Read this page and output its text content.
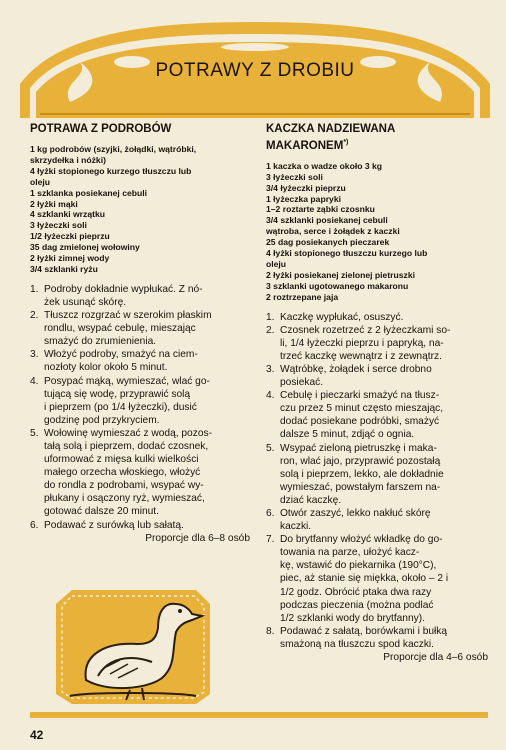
POTRAWY Z DROBIU
POTRAWA Z PODROBÓW
1 kg podrobów (szyjki, żołądki, wątróbki,
skrzydełka i nóżki)
4 łyżki stopionego kurzego tłuszczu lub
oleju
1 szklanka posiekanej cebuli
2 łyżki mąki
4 szklanki wrzątku
3 łyżeczki soli
1/2 łyżeczki pieprzu
35 dag zmielonej wołowiny
2 łyżki zimnej wody
3/4 szklanki ryżu
1. Podroby dokładnie wypłukać. Z nó-
żek usunąć skórę.
2. Tłuszcz rozgrzać w szerokim płaskim
rondlu, wsypać cebulę, mieszając
smażyć do zrumienienia.
3. Włożyć podroby, smażyć na ciem-
nozłoty kolor około 5 minut.
4. Posypać mąką, wymieszać, wlać go-
tującą się wodę, przyprawić solą
i pieprzem (po 1/4 łyżeczki), dusić
godzinę pod przykryciem.
5. Wołowinę wymieszać z wodą, pozos-
tałą solą i pieprzem, dodać czosnek,
uformować z mięsa kulki wielkości
małego orzecha włoskiego, włożyć
do rondla z podrobami, wsypać wy-
płukany i osączony ryż, wymieszać,
gotować dalsze 20 minut.
6. Podawać z surówką lub sałatą.
Proporcje dla 6–8 osób
KACZKA NADZIEWANA
MAKARONEM*)
1 kaczka o wadze około 3 kg
3 łyżeczki soli
3/4 łyżeczki pieprzu
1 łyżeczka papryki
1–2 roztarte ząbki czosnku
3/4 szklanki posiekanej cebuli
wątroba, serce i żołądek z kaczki
25 dag posiekanych pieczarek
4 łyżki stopionego tłuszczu kurzego lub
oleju
2 łyżki posiekanej zielonej pietruszki
3 szklanki ugotowanego makaronu
2 roztrzepane jaja
1. Kaczkę wypłukać, osuszyć.
2. Czosnek rozetrzeć z 2 łyżeczkami so-
li, 1/4 łyżeczki pieprzu i papryką, na-
trzeć kaczkę wewnątrz i z zewnątrz.
3. Wątróbkę, żołądek i serce drobno
posiekać.
4. Cebulę i pieczarki smażyć na tłusz-
czu przez 5 minut często mieszając,
dodać posiekane podróbki, smażyć
dalsze 5 minut, zdjąć o ognia.
5. Wsypać zieloną pietruszkę i maka-
ron, wlać jajo, przyprawić pozostałą
solą i pieprzem, lekko, ale dokładnie
wymieszać, powstałym farszem na-
dziać kaczkę.
6. Otwór zaszyć, lekko nakłuć skórę
kaczki.
7. Do brytfanny włożyć wkładkę do go-
towania na parze, ułożyć kacz-
kę, wstawić do piekarnika (190°C),
piec, aż stanie się miękka, około – 2 i
1/2 godz. Obrócić ptaka dwa razy
podczas pieczenia (można podlać
1/2 szklanki wody do brytfanny).
8. Podawać z sałatą, borówkami i bułką
smażoną na tłuszczu spod kaczki.
Proporcje dla 4–6 osób
42
